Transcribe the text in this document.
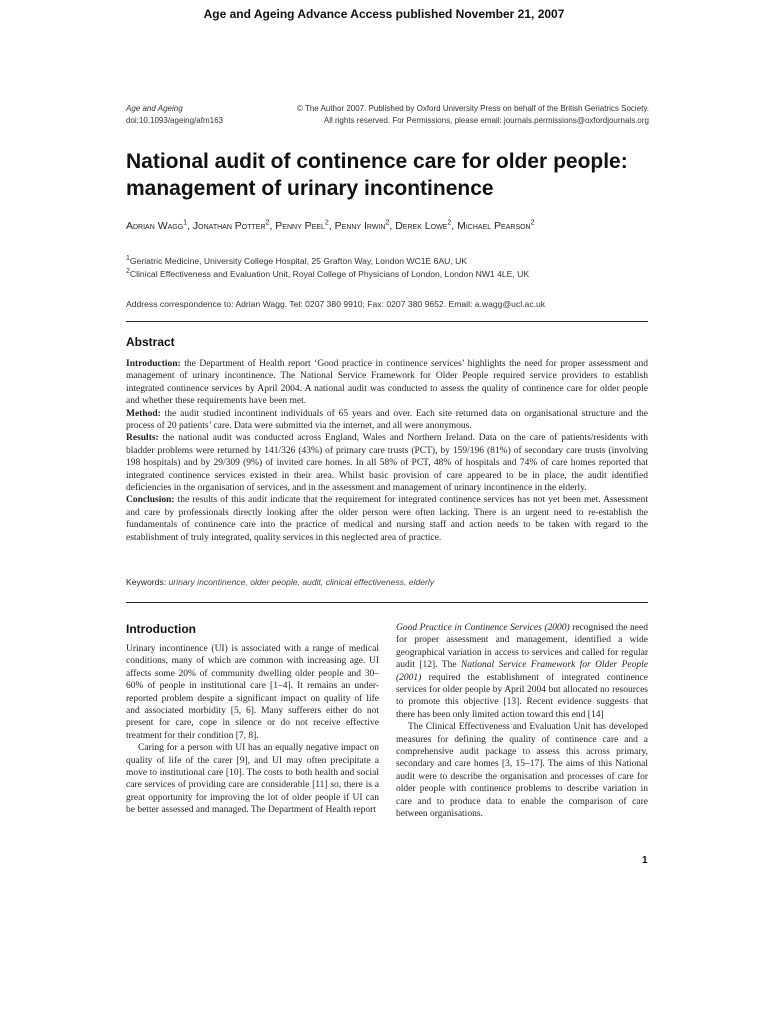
Age and Ageing Advance Access published November 21, 2007
Age and Ageing
doi:10.1093/ageing/afm163
© The Author 2007. Published by Oxford University Press on behalf of the British Geriatrics Society.
All rights reserved. For Permissions, please email: journals.permissions@oxfordjournals.org
National audit of continence care for older people: management of urinary incontinence
Adrian Wagg$^1$, Jonathan Potter$^2$, Penny Peel$^2$, Penny Irwin$^2$, Derek Lowe$^2$, Michael Pearson$^2$
$^1$Geriatric Medicine, University College Hospital, 25 Grafton Way, London WC1E 6AU, UK
$^2$Clinical Effectiveness and Evaluation Unit, Royal College of Physicians of London, London NW1 4LE, UK
Address correspondence to: Adrian Wagg. Tel: 0207 380 9910; Fax: 0207 380 9652. Email: a.wagg@ucl.ac.uk
Abstract

Introduction: the Department of Health report ‘Good practice in continence services’ highlights the need for proper assessment and management of urinary incontinence. The National Service Framework for Older People required service providers to establish integrated continence services by April 2004. A national audit was conducted to assess the quality of continence care for older people and whether these requirements have been met.

Method: the audit studied incontinent individuals of 65 years and over. Each site returned data on organisational structure and the process of 20 patients’ care. Data were submitted via the internet, and all were anonymous.

Results: the national audit was conducted across England, Wales and Northern Ireland. Data on the care of patients/residents with bladder problems were returned by 141/326 (43%) of primary care trusts (PCT), by 159/196 (81%) of secondary care trusts (involving 198 hospitals) and by 29/309 (9%) of invited care homes. In all 58% of PCT, 48% of hospitals and 74% of care homes reported that integrated continence services existed in their area. Whilst basic provision of care appeared to be in place, the audit identified deficiencies in the organisation of services, and in the assessment and management of urinary incontinence in the elderly.

Conclusion: the results of this audit indicate that the requirement for integrated continence services has not yet been met. Assessment and care by professionals directly looking after the older person were often lacking. There is an urgent need to re-establish the fundamentals of continence care into the practice of medical and nursing staff and action needs to be taken with regard to the establishment of truly integrated, quality services in this neglected area of practice.

Keywords: urinary incontinence, older people, audit, clinical effectiveness, elderly
Introduction

Urinary incontinence (UI) is associated with a range of medical conditions, many of which are common with increasing age. UI affects some 20% of community dwelling older people and 30–60% of people in institutional care [1–4]. It remains an under-reported problem despite a significant impact on quality of life and associated morbidity [5, 6]. Many sufferers either do not present for care, cope in silence or do not receive effective treatment for their condition [7, 8].

Caring for a person with UI has an equally negative impact on quality of life of the carer [9], and UI may often precipitate a move to institutional care [10]. The costs to both health and social care services of providing care are considerable [11] so, there is a great opportunity for improving the lot of older people if UI can be better assessed and managed. The Department of Health report

Good Practice in Continence Services (2000) recognised the need for proper assessment and management, identified a wide geographical variation in access to services and called for regular audit [12]. The National Service Framework for Older People (2001) required the establishment of integrated continence services for older people by April 2004 but allocated no resources to promote this objective [13]. Recent evidence suggests that there has been only limited action toward this end [14]

The Clinical Effectiveness and Evaluation Unit has developed measures for defining the quality of continence care and a comprehensive audit package to assess this across primary, secondary and care homes [3, 15–17]. The aims of this National audit were to describe the organisation and processes of care for older people with continence problems to describe variation in care and to produce data to enable the comparison of care between organisations.

1
